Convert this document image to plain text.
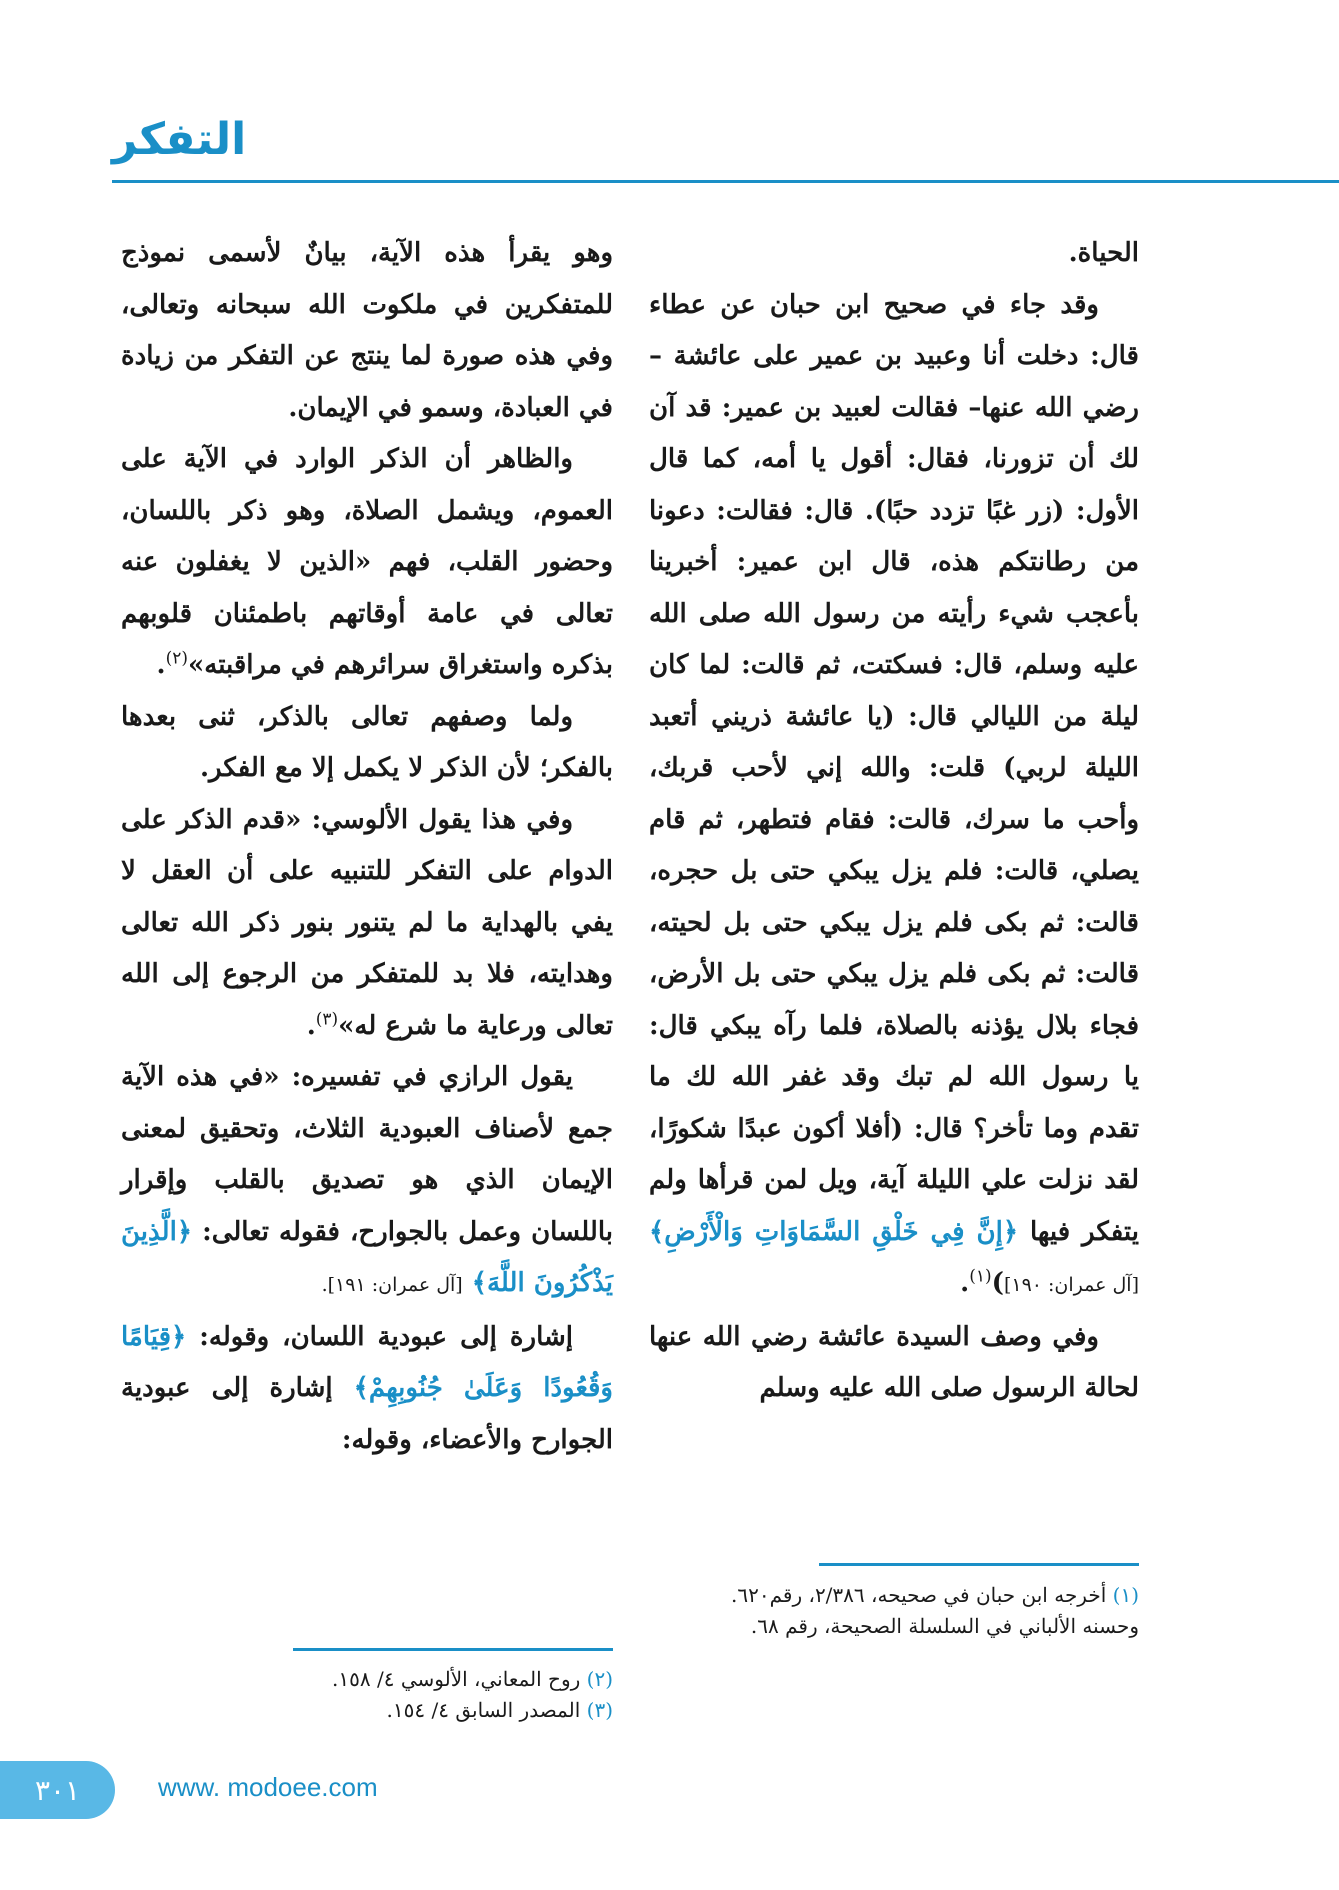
التفكر

الحياة.

وقد جاء في صحيح ابن حبان عن عطاء قال: دخلت أنا وعبيد بن عمير على عائشة –رضي الله عنها– فقالت لعبيد بن عمير: قد آن لك أن تزورنا، فقال: أقول يا أمه، كما قال الأول: (زر غبًا تزدد حبًا). قال: فقالت: دعونا من رطانتكم هذه، قال ابن عمير: أخبرينا بأعجب شيء رأيته من رسول الله صلى الله عليه وسلم، قال: فسكتت، ثم قالت: لما كان ليلة من الليالي قال: (يا عائشة ذريني أتعبد الليلة لربي) قلت: والله إني لأحب قربك، وأحب ما سرك، قالت: فقام فتطهر، ثم قام يصلي، قالت: فلم يزل يبكي حتى بل حجره، قالت: ثم بكى فلم يزل يبكي حتى بل لحيته، قالت: ثم بكى فلم يزل يبكي حتى بل الأرض، فجاء بلال يؤذنه بالصلاة، فلما رآه يبكي قال: يا رسول الله لم تبك وقد غفر الله لك ما تقدم وما تأخر؟ قال: (أفلا أكون عبدًا شكورًا، لقد نزلت علي الليلة آية، ويل لمن قرأها ولم يتفكر فيها ﴿إِنَّ فِي خَلْقِ السَّمَاوَاتِ وَالْأَرْضِ﴾[آل عمران: ١٩٠])$^{(١)}$.

وفي وصف السيدة عائشة رضي الله عنها لحالة الرسول صلى الله عليه وسلم

وهو يقرأ هذه الآية، بيانٌ لأسمى نموذج للمتفكرين في ملكوت الله سبحانه وتعالى، وفي هذه صورة لما ينتج عن التفكر من زيادة في العبادة، وسمو في الإيمان.

والظاهر أن الذكر الوارد في الآية على العموم، ويشمل الصلاة، وهو ذكر باللسان، وحضور القلب، فهم «الذين لا يغفلون عنه تعالى في عامة أوقاتهم باطمئنان قلوبهم بذكره واستغراق سرائرهم في مراقبته»$^{(٢)}$.

ولما وصفهم تعالى بالذكر، ثنى بعدها بالفكر؛ لأن الذكر لا يكمل إلا مع الفكر.

وفي هذا يقول الألوسي: «قدم الذكر على الدوام على التفكر للتنبيه على أن العقل لا يفي بالهداية ما لم يتنور بنور ذكر الله تعالى وهدايته، فلا بد للمتفكر من الرجوع إلى الله تعالى ورعاية ما شرع له»$^{(٣)}$.

يقول الرازي في تفسيره: «في هذه الآية جمع لأصناف العبودية الثلاث، وتحقيق لمعنى الإيمان الذي هو تصديق بالقلب وإقرار باللسان وعمل بالجوارح، فقوله تعالى: ﴿الَّذِينَ يَذْكُرُونَ اللَّهَ﴾ [آل عمران: ١٩١].

إشارة إلى عبودية اللسان، وقوله: ﴿قِيَامًا وَقُعُودًا وَعَلَىٰ جُنُوبِهِمْ﴾ إشارة إلى عبودية الجوارح والأعضاء، وقوله:

(١) أخرجه ابن حبان في صحيحه، ٢/٣٨٦، رقم٦٢٠.

وحسنه الألباني في السلسلة الصحيحة، رقم ٦٨.

(٢) روح المعاني، الألوسي ٤/ ١٥٨.

(٣) المصدر السابق ٤/ ١٥٤.

٣٠١	www. modoee.com
